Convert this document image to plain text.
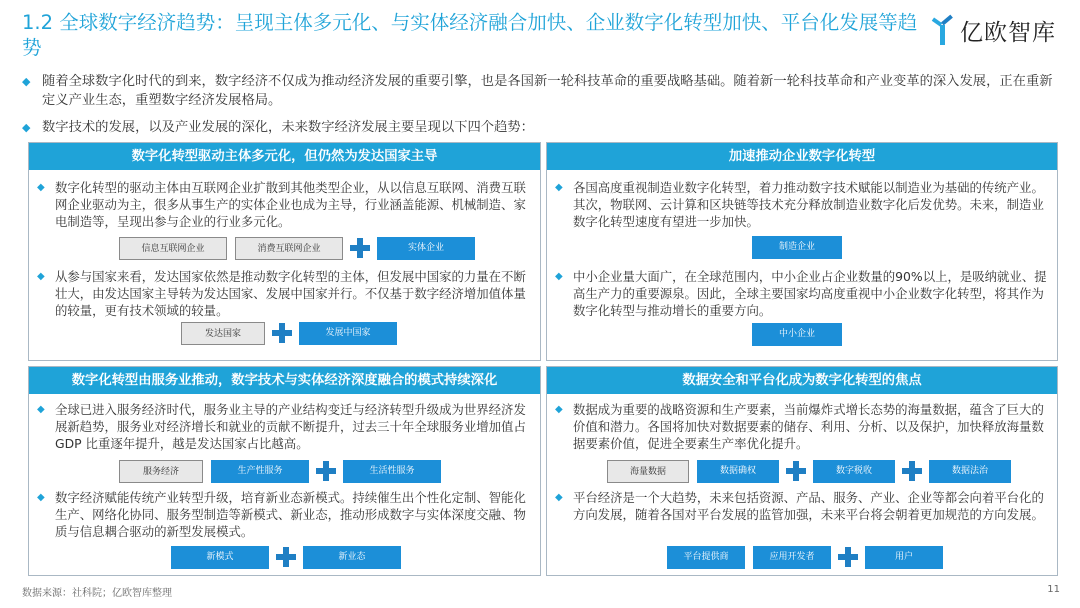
1.2 全球数字经济趋势：呈现主体多元化、与实体经济融合加快、企业数字化转型加快、平台化发展等趋势
亿欧智库
◆ 随着全球数字化时代的到来，数字经济不仅成为推动经济发展的重要引擎，也是各国新一轮科技革命的重要战略基础。随着新一轮科技革命和产业变革的深入发展，正在重新定义产业生态，重塑数字经济发展格局。
◆ 数字技术的发展，以及产业发展的深化，未来数字经济发展主要呈现以下四个趋势：
数字化转型驱动主体多元化，但仍然为发达国家主导
◆ 数字化转型的驱动主体由互联网企业扩散到其他类型企业，从以信息互联网、消费互联网企业驱动为主，很多从事生产的实体企业也成为主导，行业涵盖能源、机械制造、家电制造等，呈现出参与企业的行业多元化。
信息互联网企业	消费互联网企业	实体企业
◆ 从参与国家来看，发达国家依然是推动数字化转型的主体，但发展中国家的力量在不断壮大，由发达国家主导转为发达国家、发展中国家并行。不仅基于数字经济增加值体量的较量，更有技术领域的较量。
发达国家	发展中国家
加速推动企业数字化转型
◆ 各国高度重视制造业数字化转型，着力推动数字技术赋能以制造业为基础的传统产业。其次，物联网、云计算和区块链等技术充分释放制造业数字化后发优势。未来，制造业数字化转型速度有望进一步加快。
制造企业
◆ 中小企业量大面广，在全球范围内，中小企业占企业数量的90%以上，是吸纳就业、提高生产力的重要源泉。因此，全球主要国家均高度重视中小企业数字化转型，将其作为数字化转型与推动增长的重要方向。
中小企业
数字化转型由服务业推动，数字技术与实体经济深度融合的模式持续深化
◆ 全球已进入服务经济时代，服务业主导的产业结构变迁与经济转型升级成为世界经济发展新趋势，服务业对经济增长和就业的贡献不断提升，过去三十年全球服务业增加值占 GDP 比重逐年提升，越是发达国家占比越高。
服务经济	生产性服务	生活性服务
◆ 数字经济赋能传统产业转型升级，培育新业态新模式。持续催生出个性化定制、智能化生产、网络化协同、服务型制造等新模式、新业态，推动形成数字与实体深度交融、物质与信息耦合驱动的新型发展模式。
新模式	新业态
数据安全和平台化成为数字化转型的焦点
◆ 数据成为重要的战略资源和生产要素，当前爆炸式增长态势的海量数据，蕴含了巨大的价值和潜力。各国将加快对数据要素的储存、利用、分析、以及保护，加快释放海量数据要素价值，促进全要素生产率优化提升。
海量数据	数据确权	数字税收	数据法治
◆ 平台经济是一个大趋势，未来包括资源、产品、服务、产业、企业等都会向着平台化的方向发展，随着各国对平台发展的监管加强，未来平台将会朝着更加规范的方向发展。
平台提供商	应用开发者	用户
数据来源：社科院；亿欧智库整理	11
